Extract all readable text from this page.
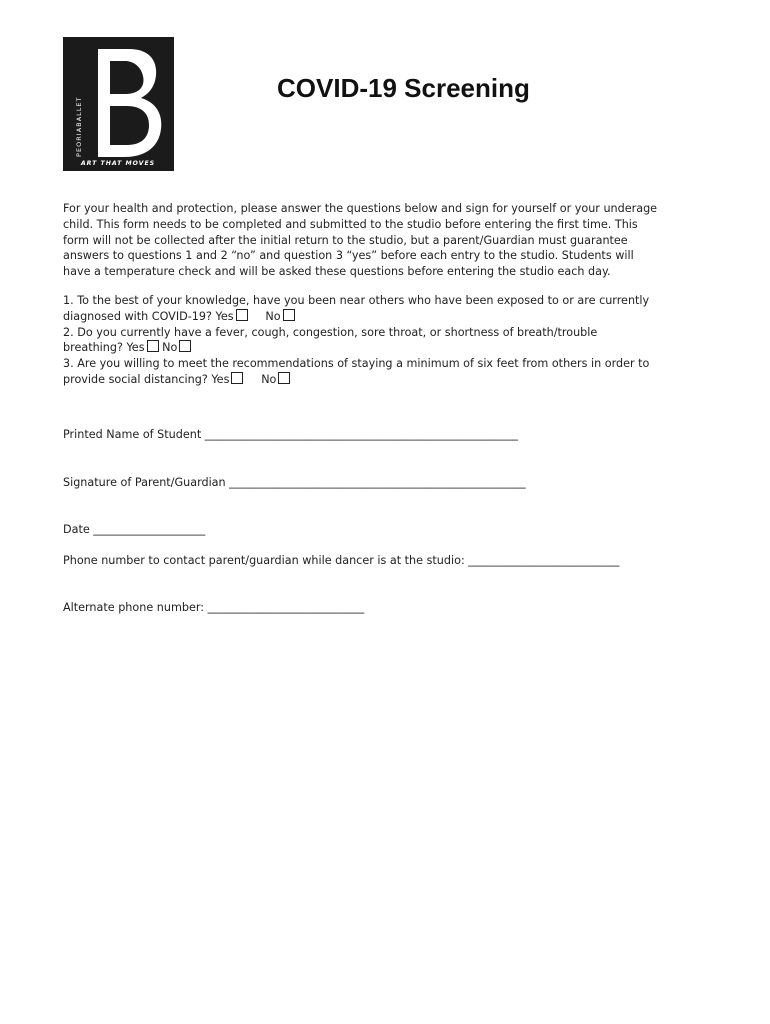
PEORIABALLET
ART THAT MOVES
COVID-19 Screening
For your health and protection, please answer the questions below and sign for yourself or your underage
child. This form needs to be completed and submitted to the studio before entering the first time. This
form will not be collected after the initial return to the studio, but a parent/Guardian must guarantee
answers to questions 1 and 2 “no” and question 3 “yes” before each entry to the studio. Students will
have a temperature check and will be asked these questions before entering the studio each day.
1. To the best of your knowledge, have you been near others who have been exposed to or are currently
diagnosed with COVID-19? Yes	No
2. Do you currently have a fever, cough, congestion, sore throat, or shortness of breath/trouble
breathing? Yes No
3. Are you willing to meet the recommendations of staying a minimum of six feet from others in order to
provide social distancing? Yes	No
Printed Name of Student ________________________________________________________
Signature of Parent/Guardian _____________________________________________________
Date ____________________
Phone number to contact parent/guardian while dancer is at the studio: ___________________________
Alternate phone number: ____________________________
